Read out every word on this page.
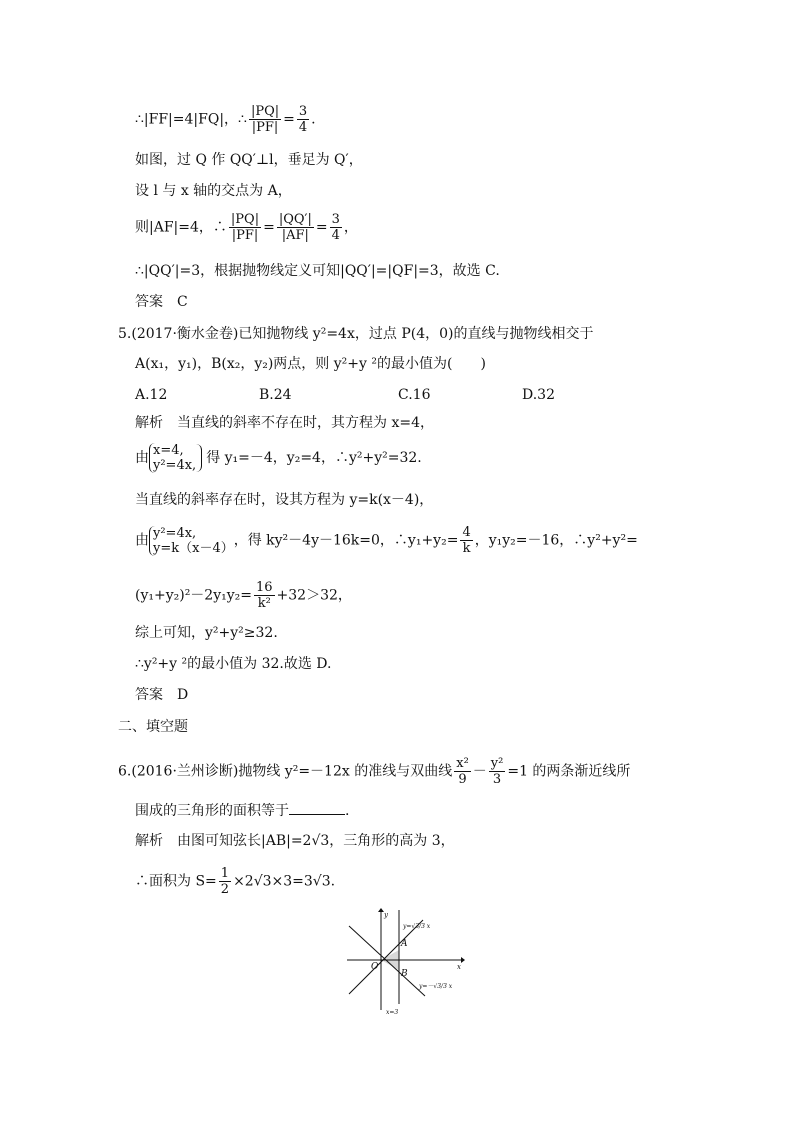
∴|FF|=4|FQ|，∴ $\frac{|PQ|}{|PF|} = \frac{3}{4}$ .
如图，过 Q 作 QQ′⊥l，垂足为 Q′，
设 l 与 x 轴的交点为 A，
则|AF|=4，∴ $\frac{|PQ|}{|PF|} = \frac{|QQ'|}{|AF|} = \frac{3}{4}$ ，
∴|QQ′|=3，根据抛物线定义可知|QQ′|=|QF|=3，故选 C.
答案　C
5.(2017·衡水金卷)已知抛物线 y²=4x，过点 P(4，0)的直线与抛物线相交于
A(x₁，y₁)，B(x₂，y₂)两点，则 y²+y ²的最小值为(　　)
A.12	B.24	C.16	D.32
解析　当直线的斜率不存在时，其方程为 x=4，
由 x=4,
y²=4x, 得 y₁=－4，y₂=4，∴y²+y²=32.
当直线的斜率存在时，设其方程为 y=k(x－4)，
由 y²=4x,
y=k（x－4） ，得 ky²－4y－16k=0，∴y₁+y₂= $\frac{4}{k}$ ，y₁y₂=－16，∴y²+y²=
$(y_1+y_2)^2-2y_1y_2= \frac{16}{\text{k²}} +32>32$，
综上可知，y²+y²≥32.
∴y²+y ²的最小值为 32.故选 D.
答案　D
二、填空题
6.(2016·兰州诊断)抛物线 y²=－12x 的准线与双曲线 $\frac{\text{x²}}{9} - \frac{\text{y²}}{3} =1$ 的两条渐近线所
围成的三角形的面积等于	.
解析　由图可知弦长|AB|=2√3，三角形的高为 3，
∴面积为 $S= \frac{1}{2} \times 2√3\times 3=3√3$.
y
x
O
A
B
y=√3/3 x
y=－√3/3 x
x=3
